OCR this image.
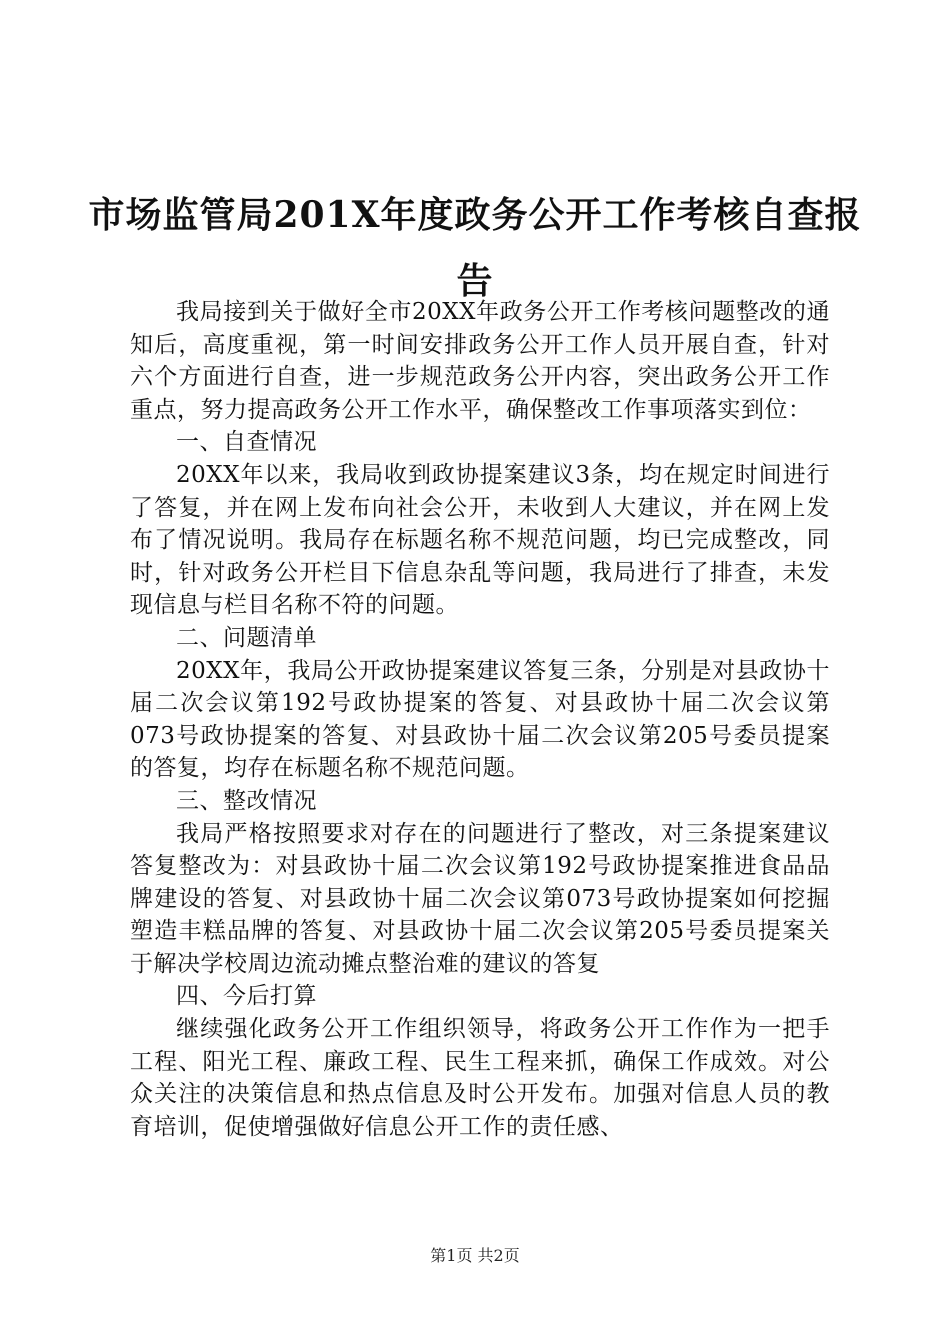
市场监管局201X年度政务公开工作考核自查报告

我局接到关于做好全市20XX年政务公开工作考核问题整改的通知后，高度重视，第一时间安排政务公开工作人员开展自查，针对六个方面进行自查，进一步规范政务公开内容，突出政务公开工作重点，努力提高政务公开工作水平，确保整改工作事项落实到位：

一、自查情况

20XX年以来，我局收到政协提案建议3条，均在规定时间进行了答复，并在网上发布向社会公开，未收到人大建议，并在网上发布了情况说明。我局存在标题名称不规范问题，均已完成整改，同时，针对政务公开栏目下信息杂乱等问题，我局进行了排查，未发现信息与栏目名称不符的问题。

二、问题清单

20XX年，我局公开政协提案建议答复三条，分别是对县政协十届二次会议第192号政协提案的答复、对县政协十届二次会议第073号政协提案的答复、对县政协十届二次会议第205号委员提案的答复，均存在标题名称不规范问题。

三、整改情况

我局严格按照要求对存在的问题进行了整改，对三条提案建议答复整改为：对县政协十届二次会议第192号政协提案推进食品品牌建设的答复、对县政协十届二次会议第073号政协提案如何挖掘塑造丰糕品牌的答复、对县政协十届二次会议第205号委员提案关于解决学校周边流动摊点整治难的建议的答复

四、今后打算

继续强化政务公开工作组织领导，将政务公开工作作为一把手工程、阳光工程、廉政工程、民生工程来抓，确保工作成效。对公众关注的决策信息和热点信息及时公开发布。加强对信息人员的教育培训，促使增强做好信息公开工作的责任感、

第1页 共2页
